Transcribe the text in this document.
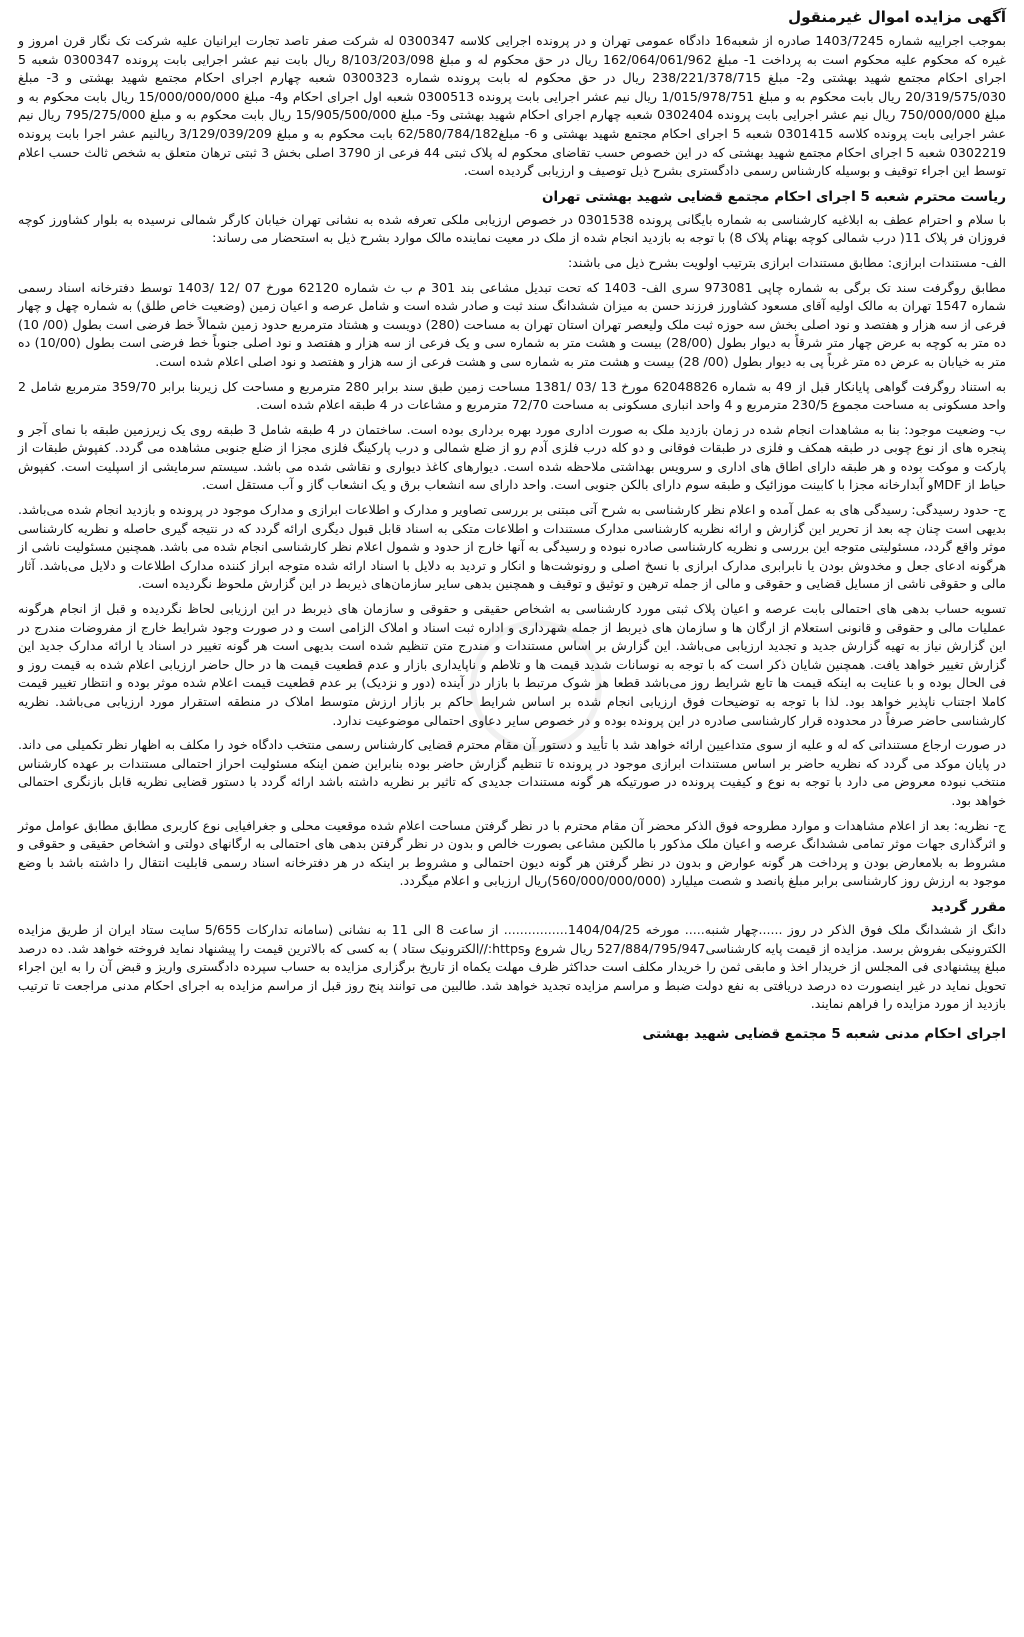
آگهی مزایده اموال غیرمنقول

بموجب اجراییه شماره 1403/7245 صادره از شعبه16 دادگاه عمومی تهران و در پرونده اجرایی کلاسه 0300347 له شرکت صفر تاصد تجارت ایرانیان علیه شرکت تک نگار قرن امروز و غیره که محکوم علیه محکوم است به پرداخت 1- مبلغ 162/064/061/962 ریال در حق محکوم له و مبلغ 8/103/203/098 ریال بابت نیم عشر اجرایی بابت پرونده 0300347 شعبه 5 اجرای احکام مجتمع شهید بهشتی و2- مبلغ 238/221/378/715 ریال در حق محکوم له بابت پرونده شماره 0300323 شعبه چهارم اجرای احکام مجتمع شهید بهشتی و 3- مبلغ 20/319/575/030 ریال بابت محکوم به و مبلغ 1/015/978/751 ریال نیم عشر اجرایی بابت پرونده 0300513 شعبه اول اجرای احکام و4- مبلغ 15/000/000/000 ریال بابت محکوم به و مبلغ 750/000/000 ریال نیم عشر اجرایی بابت پرونده 0302404 شعبه چهارم اجرای احکام شهید بهشتی و5- مبلغ 15/905/500/000 ریال بابت محکوم به و مبلغ 795/275/000 ریال نیم عشر اجرایی بابت پرونده کلاسه 0301415 شعبه 5 اجرای احکام مجتمع شهید بهشتی و 6- مبلغ62/580/784/182 بابت محکوم به و مبلغ 3/129/039/209 ریالنیم عشر اجرا بابت پرونده 0302219 شعبه 5 اجرای احکام مجتمع شهید بهشتی که در این خصوص حسب تقاضای محکوم له پلاک ثبتی 44 فرعی از 3790 اصلی بخش 3 ثبتی ترهان متعلق به شخص ثالث حسب اعلام توسط این اجراء توقیف و بوسیله کارشناس رسمی دادگستری بشرح ذیل توصیف و ارزیابی گردیده است.

ریاست محترم شعبه 5 اجرای احکام مجتمع قضایی شهید بهشتی تهران

با سلام و احترام عطف به ابلاغیه کارشناسی به شماره بایگانی پرونده 0301538 در خصوص ارزیابی ملکی تعرفه شده به نشانی تهران خیابان کارگر شمالی نرسیده به بلوار کشاورز کوچه فروزان فر پلاک 11( درب شمالی کوچه بهنام پلاک 8) با توجه به بازدید انجام شده از ملک در معیت نماینده مالک موارد بشرح ذیل به استحضار می رساند:

الف- مستندات ابرازی: مطابق مستندات ابرازی بترتیب اولویت بشرح ذیل می باشند:

مطابق روگرفت سند تک برگی به شماره چاپی 973081 سری الف- 1403 که تحت تبدیل مشاعی بند 301 م ب ث شماره 62120 مورخ 07 /12 /1403 توسط دفترخانه اسناد رسمی شماره 1547 تهران به مالک اولیه آقای مسعود کشاورز فرزند حسن به میزان ششدانگ سند ثبت و صادر شده است و شامل عرصه و اعیان زمین (وضعیت خاص طلق) به شماره چهل و چهار فرعی از سه هزار و هفتصد و نود اصلی بخش سه حوزه ثبت ملک ولیعصر تهران استان تهران به مساحت (280) دویست و هشتاد مترمربع حدود زمین شمالاً خط فرضی است بطول (00/ 10) ده متر به کوچه به عرض چهار متر شرقاً به دیوار بطول (28/00) بیست و هشت متر به شماره سی و یک فرعی از سه هزار و هفتصد و نود اصلی جنوباً خط فرضی است بطول (10/00) ده متر به خیابان به عرض ده متر غرباً پی به دیوار بطول (00/ 28) بیست و هشت متر به شماره سی و هشت فرعی از سه هزار و هفتصد و نود اصلی اعلام شده است.

به استناد روگرفت گواهی پایانکار قبل از 49 به شماره 62048826 مورخ 13 /03 /1381 مساحت زمین طبق سند برابر 280 مترمربع و مساحت کل زیربنا برابر 359/70 مترمربع شامل 2 واحد مسکونی به مساحت مجموع 230/5 مترمربع و 4 واحد انباری مسکونی به مساحت 72/70 مترمربع و مشاعات در 4 طبقه اعلام شده است.

ب- وضعیت موجود: بنا به مشاهدات انجام شده در زمان بازدید ملک به صورت اداری مورد بهره برداری بوده است. ساختمان در 4 طبقه شامل 3 طبقه روی یک زیرزمین طبقه با نمای آجر و پنجره های از نوع چوبی در طبقه همکف و فلزی در طبقات فوقانی و دو کله درب فلزی آدم رو از ضلع شمالی و درب پارکینگ فلزی مجزا از ضلع جنوبی مشاهده می گردد. کفپوش طبقات از پارکت و موکت بوده و هر طبقه دارای اطاق های اداری و سرویس بهداشتی ملاحظه شده است. دیوارهای کاغذ دیواری و نقاشی شده می باشد. سیستم سرمایشی از اسپلیت است. کفپوش حیاط از MDFو آبدارخانه مجزا با کابینت موزائیک و طبقه سوم دارای بالکن جنوبی است. واحد دارای سه انشعاب برق و یک انشعاب گاز و آب مستقل است.

ج- حدود رسیدگی: رسیدگی های به عمل آمده و اعلام نظر کارشناسی به شرح آتی مبتنی بر بررسی تصاویر و مدارک و اطلاعات ابرازی و مدارک موجود در پرونده و بازدید انجام شده می‌باشد. بدیهی است چنان چه بعد از تحریر این گزارش و ارائه نظریه کارشناسی مدارک مستندات و اطلاعات متکی به اسناد قابل قبول دیگری ارائه گردد که در نتیجه گیری حاصله و نظریه کارشناسی موثر واقع گردد، مسئولیتی متوجه این بررسی و نظریه کارشناسی صادره نبوده و رسیدگی به آنها خارج از حدود و شمول اعلام نظر کارشناسی انجام شده می باشد. همچنین مسئولیت ناشی از هرگونه ادعای جعل و مخدوش بودن یا نابرابری مدارک ابرازی با نسخ اصلی و رونوشت‌ها و انکار و تردید به دلایل با اسناد ارائه شده متوجه ابراز کننده مدارک اطلاعات و دلایل می‌باشد. آثار مالی و حقوقی ناشی از مسایل قضایی و حقوقی و مالی از جمله ترهین و توثیق و توقیف و همچنین بدهی سایر سازمان‌های ذیربط در این گزارش ملحوظ نگردیده است.

تسویه حساب بدهی های احتمالی بابت عرصه و اعیان پلاک ثبتی مورد کارشناسی به اشخاص حقیقی و حقوقی و سازمان های ذیربط در این ارزیابی لحاظ نگردیده و قبل از انجام هرگونه عملیات مالی و حقوقی و قانونی استعلام از ارگان ها و سازمان های ذیربط از جمله شهرداری و اداره ثبت اسناد و املاک الزامی است و در صورت وجود شرایط خارج از مفروضات مندرج در این گزارش نیاز به تهیه گزارش جدید و تجدید ارزیابی می‌باشد. این گزارش بر اساس مستندات و مندرج متن تنظیم شده است بدیهی است هر گونه تغییر در اسناد یا ارائه مدارک جدید این گزارش تغییر خواهد یافت. همچنین شایان ذکر است که با توجه به نوسانات شدید قیمت ها و تلاطم و ناپایداری بازار و عدم قطعیت قیمت ها در حال حاضر ارزیابی اعلام شده به قیمت روز و فی الحال بوده و با عنایت به اینکه قیمت ها تابع شرایط روز می‌باشد قطعا هر شوک مرتبط با بازار در آینده (دور و نزدیک) بر عدم قطعیت قیمت اعلام شده موثر بوده و انتظار تغییر قیمت کاملا اجتناب ناپذیر خواهد بود. لذا با توجه به توضیحات فوق ارزیابی انجام شده بر اساس شرایط حاکم بر بازار ارزش متوسط املاک در منطقه استقرار مورد ارزیابی می‌باشد. نظریه کارشناسی حاضر صرفاً در محدوده قرار کارشناسی صادره در این پرونده بوده و در خصوص سایر دعاوی احتمالی موضوعیت ندارد.

در صورت ارجاع مستنداتی که له و علیه از سوی متداعیین ارائه خواهد شد با تأیید و دستور آن مقام محترم قضایی کارشناس رسمی منتخب دادگاه خود را مکلف به اظهار نظر تکمیلی می داند. در پایان موکد می گردد که نظریه حاضر بر اساس مستندات ابرازی موجود در پرونده تا تنظیم گزارش حاضر بوده بنابراین ضمن اینکه مسئولیت احراز احتمالی مستندات بر عهده کارشناس منتخب نبوده معروض می دارد با توجه به نوع و کیفیت پرونده در صورتیکه هر گونه مستندات جدیدی که تاثیر بر نظریه داشته باشد ارائه گردد با دستور قضایی نظریه قابل بازنگری احتمالی خواهد بود.

ج- نظریه: بعد از اعلام مشاهدات و موارد مطروحه فوق الذکر محضر آن مقام محترم با در نظر گرفتن مساحت اعلام شده موقعیت محلی و جغرافیایی نوع کاربری مطابق مطابق عوامل موثر و اثرگذاری جهات موثر تمامی ششدانگ عرصه و اعیان ملک مذکور با مالکین مشاعی بصورت خالص و بدون در نظر گرفتن بدهی های احتمالی به ارگانهای دولتی و اشخاص حقیقی و حقوقی و مشروط به بلامعارض بودن و پرداخت هر گونه عوارض و بدون در نظر گرفتن هر گونه دیون احتمالی و مشروط بر اینکه در هر دفترخانه اسناد رسمی قابلیت انتقال را داشته باشد با وضع موجود به ارزش روز کارشناسی برابر مبلغ پانصد و شصت میلیارد (560/000/000/000)ریال ارزیابی و اعلام میگردد.

مقرر گردید

دانگ از ششدانگ ملک فوق الذکر در روز ......چهار شنبه..... مورخه 1404/04/25................ از ساعت 8 الی 11 به نشانی (سامانه تدارکات 5/655 سایت ستاد ایران از طریق مزایده الکترونیکی بفروش برسد. مزایده از قیمت پایه کارشناسی527/884/795/947 ریال شروع وhttps://الکترونیک ستاد ) به کسی که بالاترین قیمت را پیشنهاد نماید فروخته خواهد شد. ده درصد مبلغ پیشنهادی فی المجلس از خریدار اخذ و مابقی ثمن را خریدار مکلف است حداکثر ظرف مهلت یکماه از تاریخ برگزاری مزایده به حساب سپرده دادگستری واریز و قبض آن را به این اجراء تحویل نماید در غیر اینصورت ده درصد دریافتی به نفع دولت ضبط و مراسم مزایده تجدید خواهد شد. طالبین می توانند پنج روز قبل از مراسم مزایده به اجرای احکام مدنی مراجعت تا ترتیب بازدید از مورد مزایده را فراهم نمایند.

اجرای احکام مدنی شعبه 5 مجتمع قضایی شهید بهشتی
